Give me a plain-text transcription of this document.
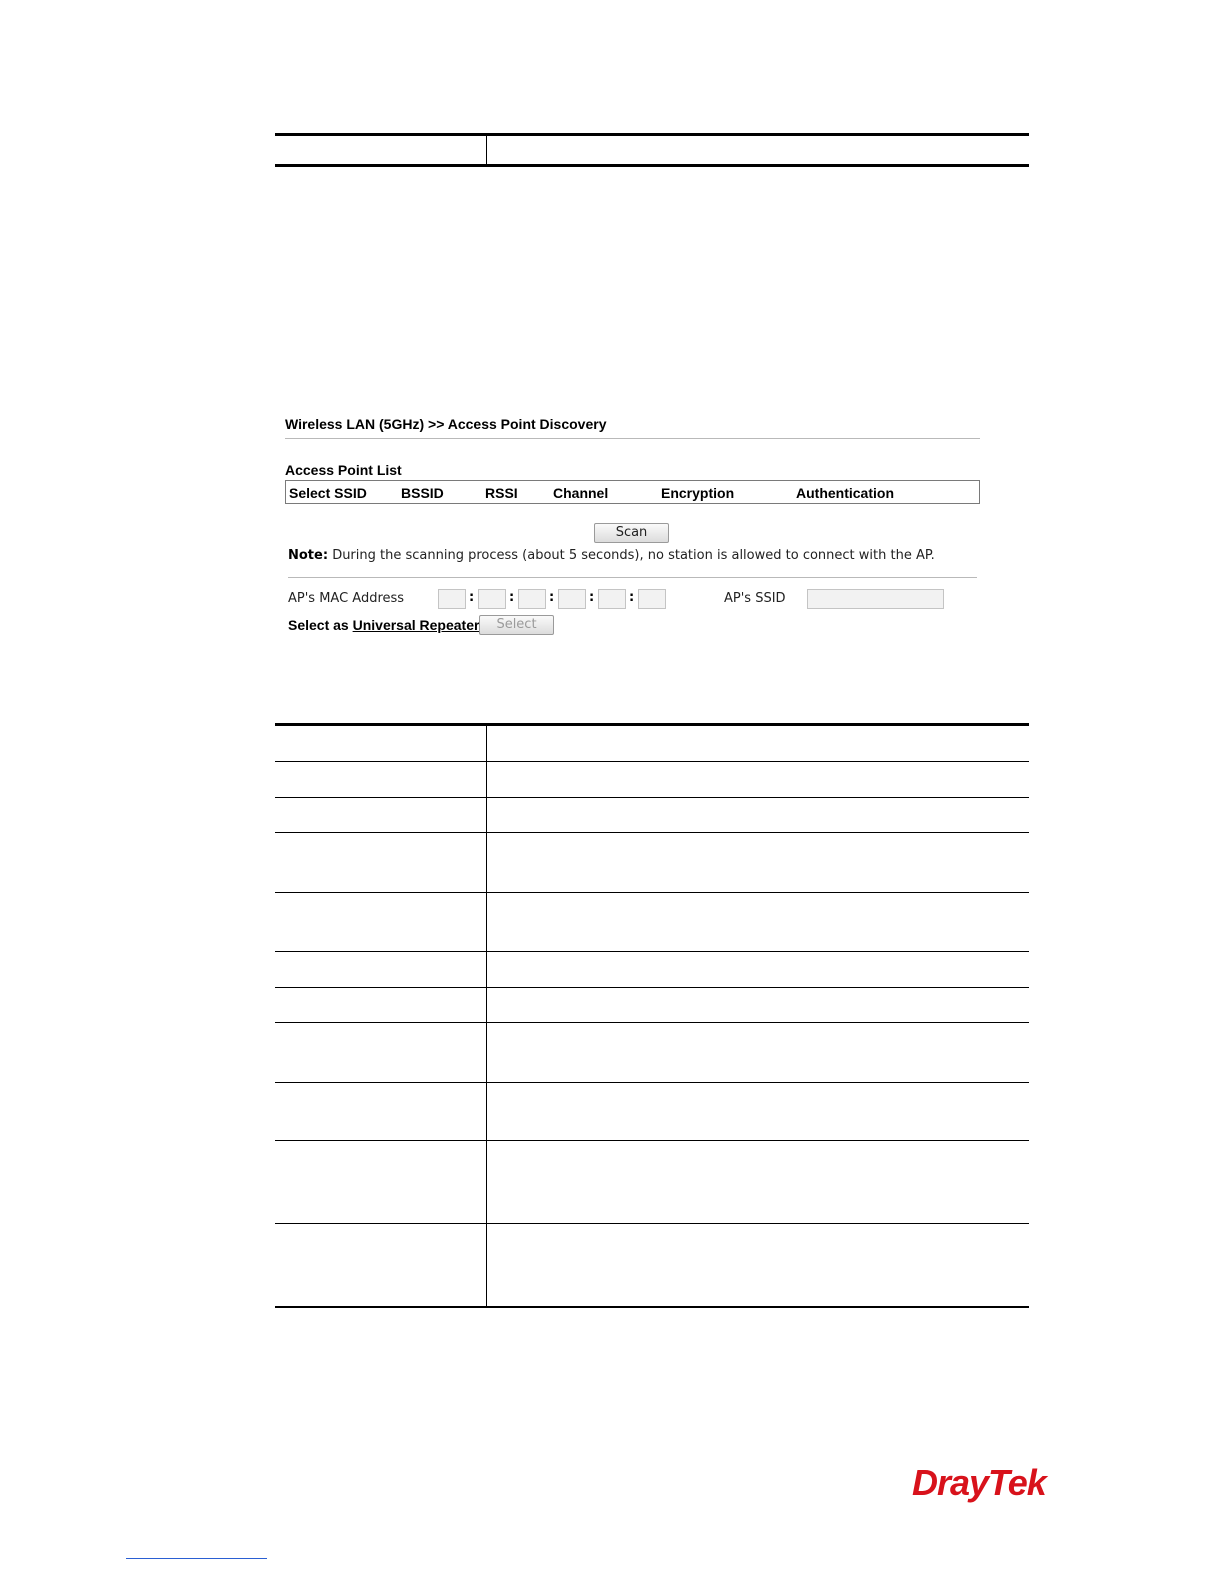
Wireless LAN (5GHz) >> Access Point Discovery
Access Point List
Select SSID BSSID	RSSI	Channel	Encryption	Authentication
Scan
Note: During the scanning process (about 5 seconds), no station is allowed to connect with the AP.
AP's MAC Address	:	:	:	:	:	AP's SSID
Select as Universal Repeater	Select
DrayTek
